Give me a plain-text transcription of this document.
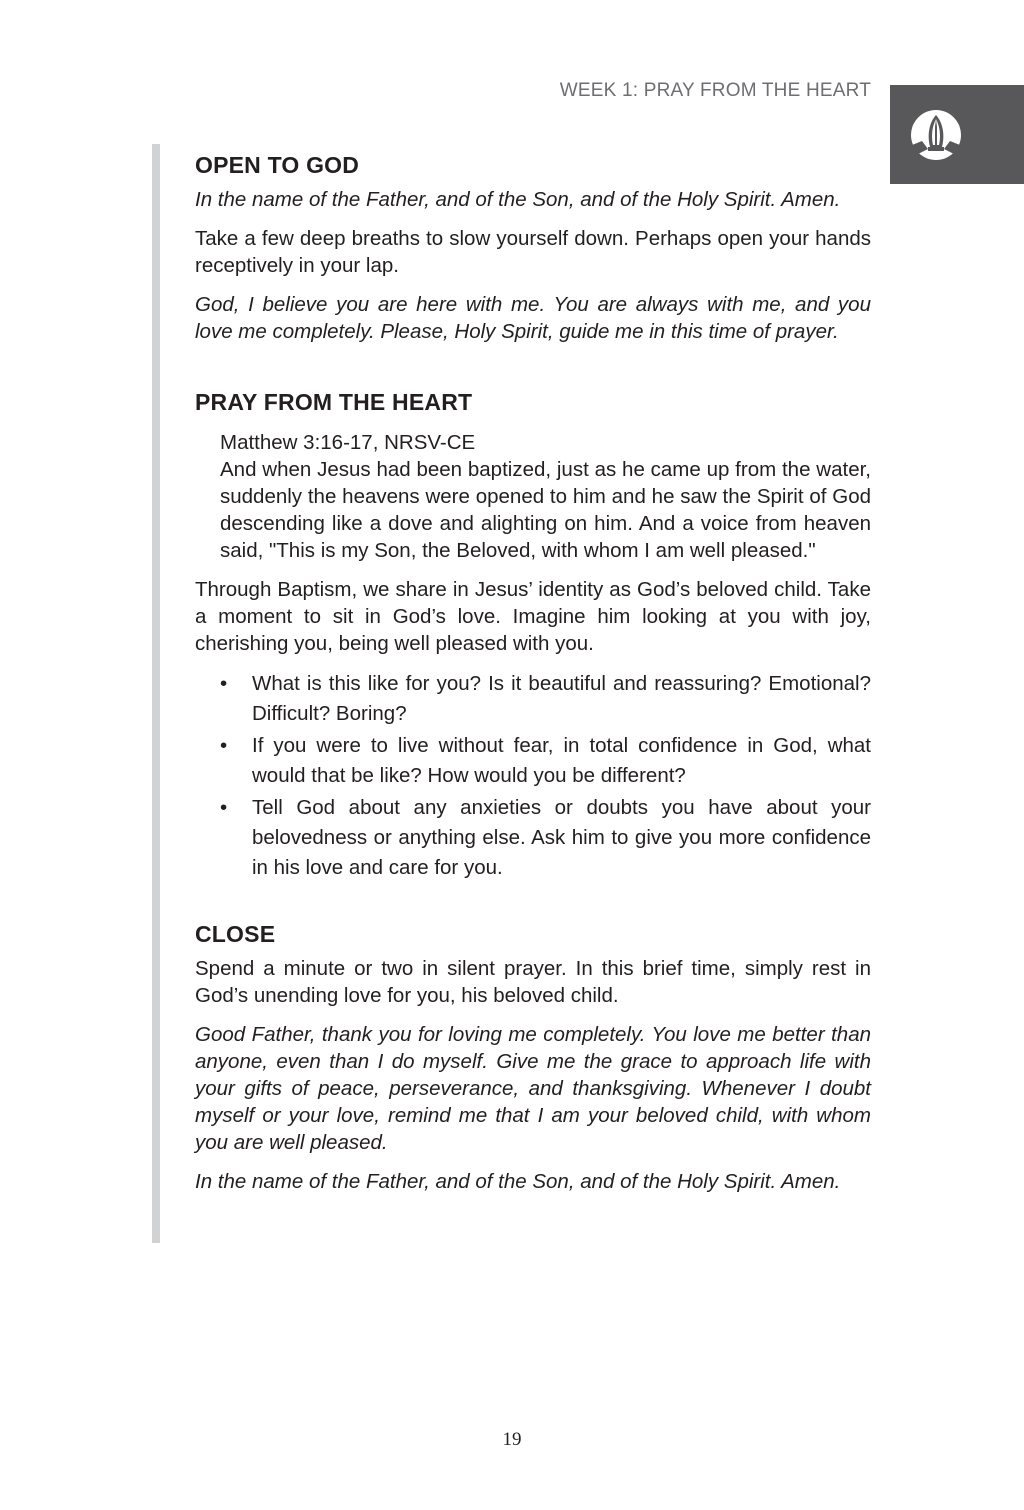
WEEK 1: PRAY FROM THE HEART
OPEN TO GOD

In the name of the Father, and of the Son, and of the Holy Spirit. Amen.

Take a few deep breaths to slow yourself down. Perhaps open your hands receptively in your lap.

God, I believe you are here with me. You are always with me, and you love me completely. Please, Holy Spirit, guide me in this time of prayer.

PRAY FROM THE HEART
Matthew 3:16-17, NRSV-CE
And when Jesus had been baptized, just as he came up from the water, suddenly the heavens were opened to him and he saw the Spirit of God descending like a dove and alighting on him. And a voice from heaven said, "This is my Son, the Beloved, with whom I am well pleased."

Through Baptism, we share in Jesus’ identity as God’s beloved child. Take a moment to sit in God’s love. Imagine him looking at you with joy, cherishing you, being well pleased with you.

• What is this like for you? Is it beautiful and reassuring? Emotional? Difficult? Boring?
• If you were to live without fear, in total confidence in God, what would that be like? How would you be different?
• Tell God about any anxieties or doubts you have about your belovedness or anything else. Ask him to give you more confidence in his love and care for you.
CLOSE

Spend a minute or two in silent prayer. In this brief time, simply rest in God’s unending love for you, his beloved child.

Good Father, thank you for loving me completely. You love me better than anyone, even than I do myself. Give me the grace to approach life with your gifts of peace, perseverance, and thanksgiving. Whenever I doubt myself or your love, remind me that I am your beloved child, with whom you are well pleased.

In the name of the Father, and of the Son, and of the Holy Spirit. Amen.

19
